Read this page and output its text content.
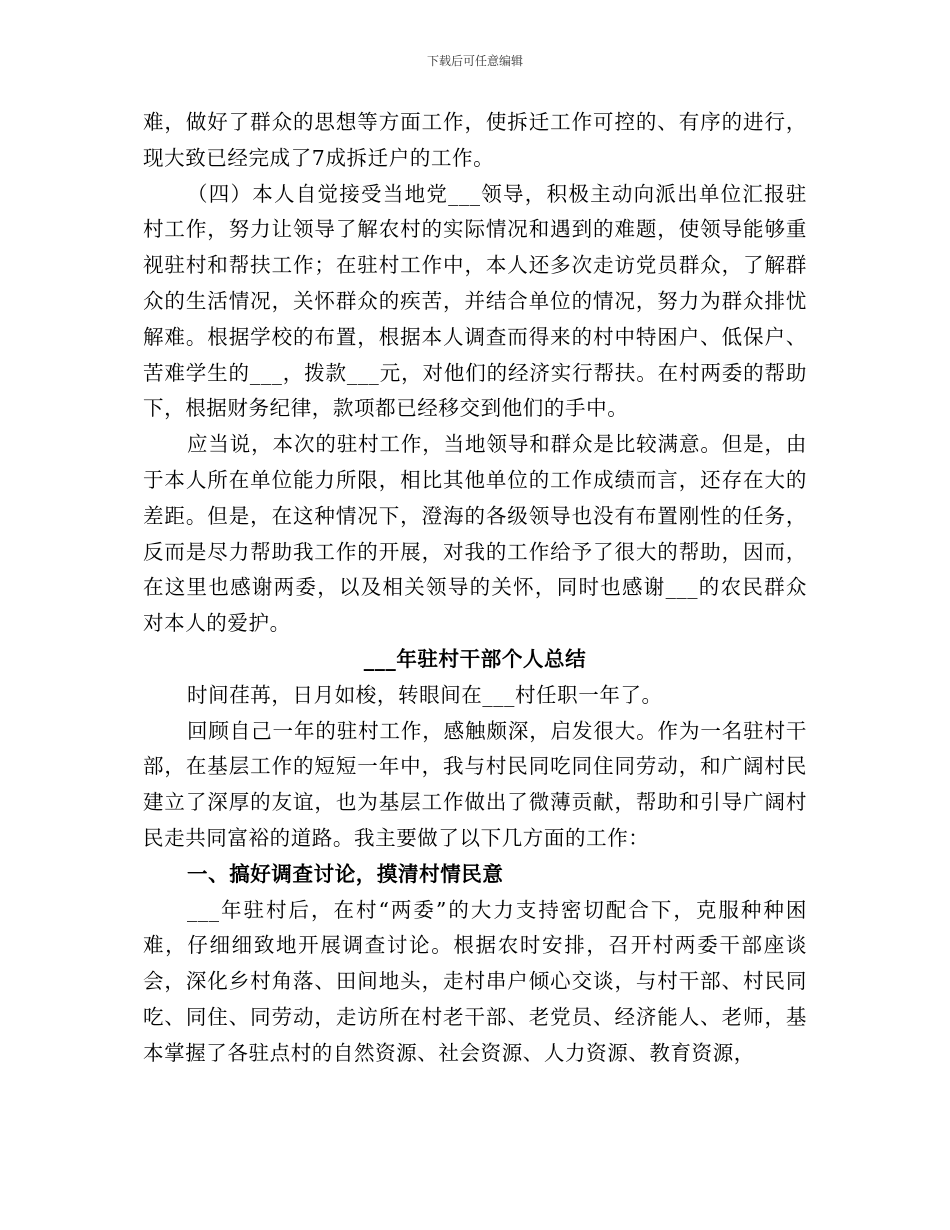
下载后可任意编辑

难，做好了群众的思想等方面工作，使拆迁工作可控的、有序的进行，现大致已经完成了7成拆迁户的工作。

（四）本人自觉接受当地党___领导，积极主动向派出单位汇报驻村工作，努力让领导了解农村的实际情况和遇到的难题，使领导能够重视驻村和帮扶工作；在驻村工作中，本人还多次走访党员群众，了解群众的生活情况，关怀群众的疾苦，并结合单位的情况，努力为群众排忧解难。根据学校的布置，根据本人调查而得来的村中特困户、低保户、苦难学生的___，拨款___元，对他们的经济实行帮扶。在村两委的帮助下，根据财务纪律，款项都已经移交到他们的手中。

应当说，本次的驻村工作，当地领导和群众是比较满意。但是，由于本人所在单位能力所限，相比其他单位的工作成绩而言，还存在大的差距。但是，在这种情况下，澄海的各级领导也没有布置刚性的任务，反而是尽力帮助我工作的开展，对我的工作给予了很大的帮助，因而，在这里也感谢两委，以及相关领导的关怀，同时也感谢___的农民群众对本人的爱护。

___年驻村干部个人总结

时间荏苒，日月如梭，转眼间在___村任职一年了。

回顾自己一年的驻村工作，感触颇深，启发很大。作为一名驻村干部，在基层工作的短短一年中，我与村民同吃同住同劳动，和广阔村民建立了深厚的友谊，也为基层工作做出了微薄贡献，帮助和引导广阔村民走共同富裕的道路。我主要做了以下几方面的工作：

一、搞好调查讨论，摸清村情民意

___年驻村后，在村“两委”的大力支持密切配合下，克服种种困难，仔细细致地开展调查讨论。根据农时安排，召开村两委干部座谈会，深化乡村角落、田间地头，走村串户倾心交谈，与村干部、村民同吃、同住、同劳动，走访所在村老干部、老党员、经济能人、老师，基本掌握了各驻点村的自然资源、社会资源、人力资源、教育资源，
